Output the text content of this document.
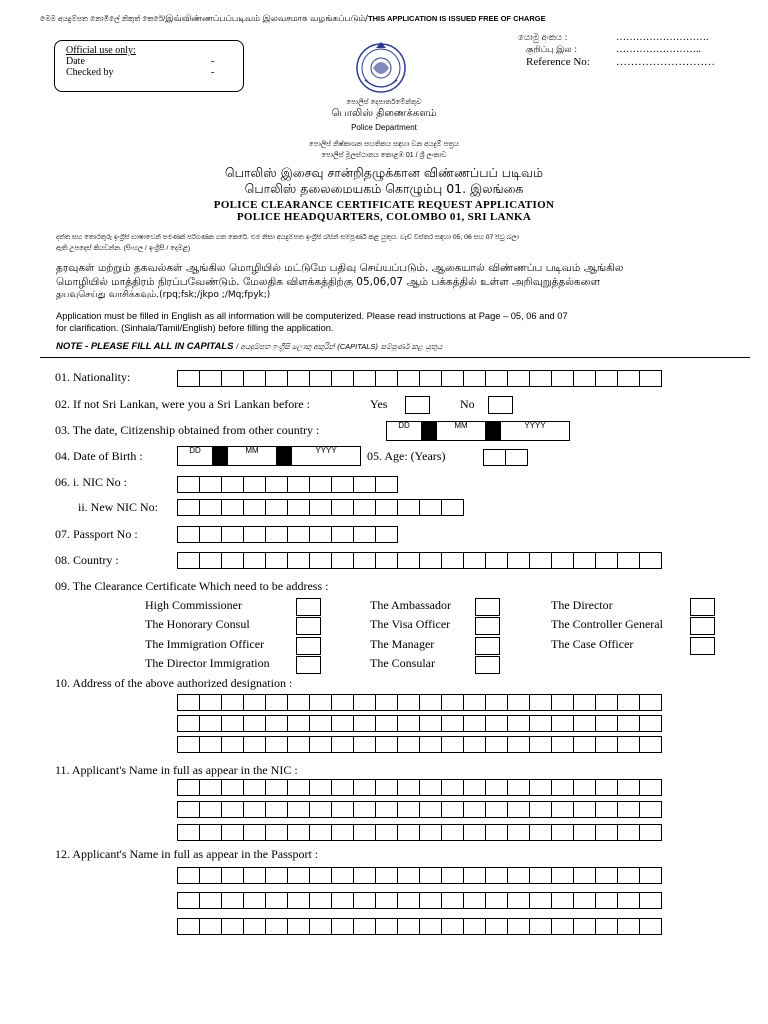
මෙම අයදුම්පත නොමිලේ නිකුත් කෙරේ/இவ்விண்ணப்பப்படிவம் இலவசமாக வழங்கப்படும்/THIS APPLICATION IS ISSUED FREE OF CHARGE
Official use only:
Date	-
Checked by	-
යොමු අංකය :	……………………….
குறிப்பு இல :	……………………..
Reference No: ………………………
පොලිස් දෙපාර්තමේන්තුව
பொலிஸ் திணைக்களம்
Police Department
පොලිස් නිෂ්කාශන සහතිකය සඳහා වන අයදුම් පත්‍රය
පොලිස් මූලස්ථානය කොළඹ 01 / ශ්‍රී ලංකාව
பொலிஸ் இசைவு சான்றிதழுக்கான விண்ணப்பப் படிவம்
பொலிஸ் தலைமையகம் கொழும்பு 01. இலங்கை
POLICE CLEARANCE CERTIFICATE REQUEST APPLICATION
POLICE HEADQUARTERS, COLOMBO 01, SRI LANKA
දත්ත සහ තොරතුරු ඉංග්‍රීසි භාෂාවෙන් පමණක් පරිගණක ගත කෙරේ. එම නිසා අයදුම්පත ඉංග්‍රීසි බසින් සම්පූර්ණ කළ යුතුය. වැඩි විස්තර සඳහා 05, 06 සහ 07 පිටු බලා
ඇති උපදෙස් කියවන්න. (සිංහල / ඉංග්‍රීසි / දෙමළ)
தரவுகள் மற்றும் தகவல்கள் ஆங்கில மொழியில் மட்டுமே பதிவு செய்யப்படும். ஆகையால் விண்ணப்ப படிவம் ஆங்கில
மொழியில் மாத்திரம் நிரப்பவேண்டும். மேலதிக விளக்கத்திற்கு 05,06,07 ஆம் பக்கத்தில் உள்ள அறிவுறுத்தல்களை
தயவுசெய்து வாசிக்கவும்.(rpq;fsk;/jkpo ;/Mq;fpyk;)
Application must be filled in English as all information will be computerized. Please read instructions at Page – 05, 06 and 07
for clarification. (Sinhala/Tamil/English) before filling the application.
NOTE - PLEASE FILL ALL IN CAPITALS / අයදුම්පත ඉංග්‍රීසි ලොකු අකුරින් (CAPITALS) සම්පූර්ණ කළ යුතුය
01. Nationality:
02. If not Sri Lankan, were you a Sri Lankan before :	Yes	No
03. The date, Citizenship obtained from other country :	DD	MM	YYYY
04. Date of Birth :	DD	MM	YYYY	05. Age: (Years)
06. i. NIC No :
ii. New NIC No:
07. Passport No :
08. Country :
09. The Clearance Certificate Which need to be address :
High Commissioner	The Ambassador	The Director
The Honorary Consul	The Visa Officer	The Controller General
The Immigration Officer	The Manager	The Case Officer
The Director Immigration	The Consular
10. Address of the above authorized designation :
11. Applicant's Name in full as appear in the NIC :
12. Applicant's Name in full as appear in the Passport :
